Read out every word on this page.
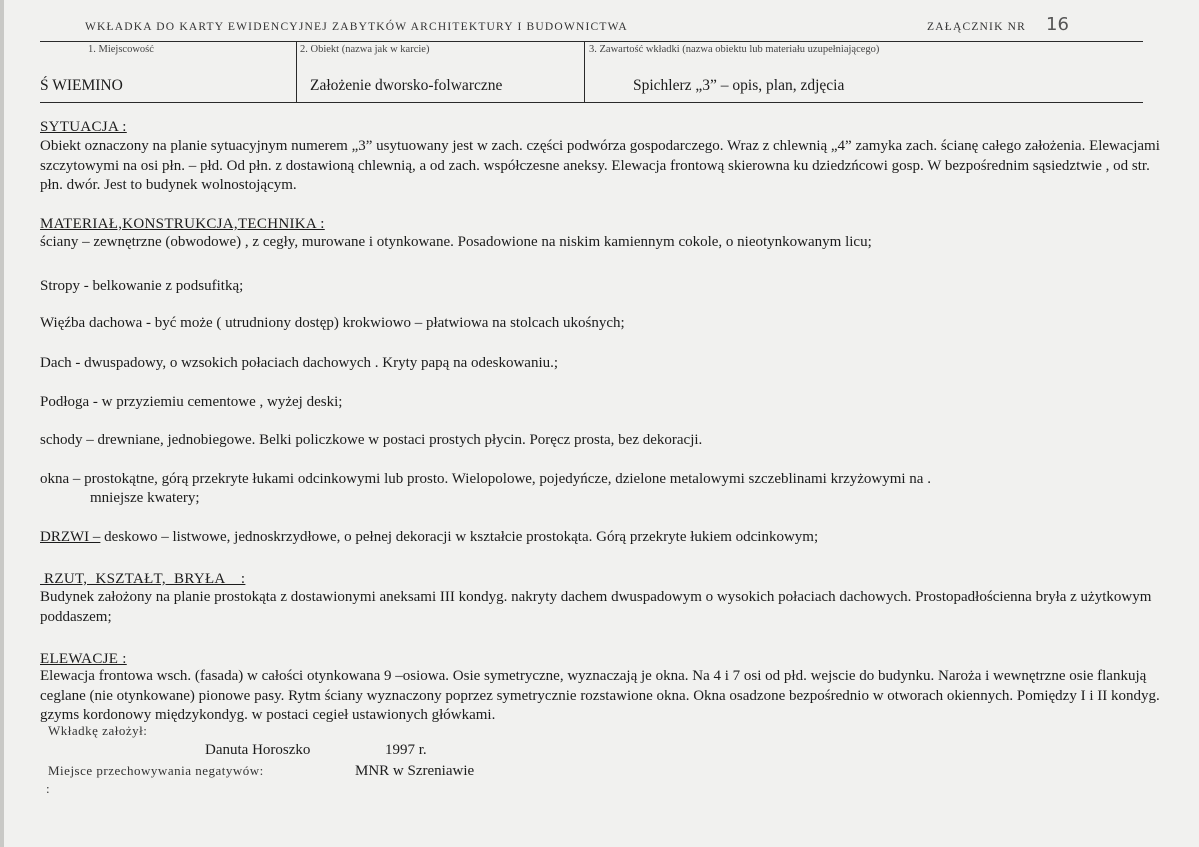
WKŁADKA DO KARTY EWIDENCYJNEJ ZABYTKÓW ARCHITEKTURY I BUDOWNICTWA	ZAŁĄCZNIK NR 16
1. Miejscowość	2. Obiekt (nazwa jak w karcie)	3. Zawartość wkładki (nazwa obiektu lub materiału uzupełniającego)
Ś WIEMINO	Założenie dworsko-folwarczne	Spichlerz „3” – opis, plan, zdjęcia
SYTUACJA :
Obiekt oznaczony na planie sytuacyjnym numerem „3” usytuowany jest w zach. części podwórza gospodarczego. Wraz z chlewnią „4” zamyka zach. ścianę całego założenia. Elewacjami szczytowymi na osi płn. – płd. Od płn. z dostawioną chlewnią, a od zach. współczesne aneksy. Elewacja frontową skierowna ku dziedzńcowi gosp. W bezpośrednim sąsiedztwie , od str. płn. dwór. Jest to budynek wolnostojącym.
MATERIAŁ,KONSTRUKCJA,TECHNIKA :
ściany – zewnętrzne (obwodowe) , z cegły, murowane i otynkowane. Posadowione na niskim kamiennym cokole, o nieotynkowanym licu;
Stropy - belkowanie z podsufitką;
Więźba dachowa - być może ( utrudniony dostęp) krokwiowo – płatwiowa na stolcach ukośnych;
Dach - dwuspadowy, o wzsokich połaciach dachowych . Kryty papą na odeskowaniu.;
Podłoga - w przyziemiu cementowe , wyżej deski;
schody – drewniane, jednobiegowe. Belki policzkowe w postaci prostych płycin. Poręcz prosta, bez dekoracji.
okna – prostokątne, górą przekryte łukami odcinkowymi lub prosto. Wielopolowe, pojedyńcze, dzielone metalowymi szczeblinami krzyżowymi na .
mniejsze kwatery;
DRZWI – deskowo – listwowe, jednoskrzydłowe, o pełnej dekoracji w kształcie prostokąta. Górą przekryte łukiem odcinkowym;
RZUT,  KSZTAŁT,  BRYŁA    :
Budynek założony na planie prostokąta z dostawionymi aneksami III kondyg. nakryty dachem dwuspadowym o wysokich połaciach dachowych. Prostopadłościenna bryła z użytkowym poddaszem;
ELEWACJE :
Elewacja frontowa wsch. (fasada) w całości otynkowana 9 –osiowa. Osie symetryczne, wyznaczają je okna. Na 4 i 7 osi od płd. wejscie do budynku. Naroża i wewnętrzne osie flankują ceglane (nie otynkowane) pionowe pasy. Rytm ściany wyznaczony poprzez symetrycznie rozstawione okna. Okna osadzone bezpośrednio w otworach okiennych. Pomiędzy I i II kondyg. gzyms kordonowy międzykondyg. w postaci cegieł ustawionych główkami.
Wkładkę założył:
Danuta Horoszko	1997 r.
Miejsce przechowywania negatywów:	MNR w Szreniawie
:
